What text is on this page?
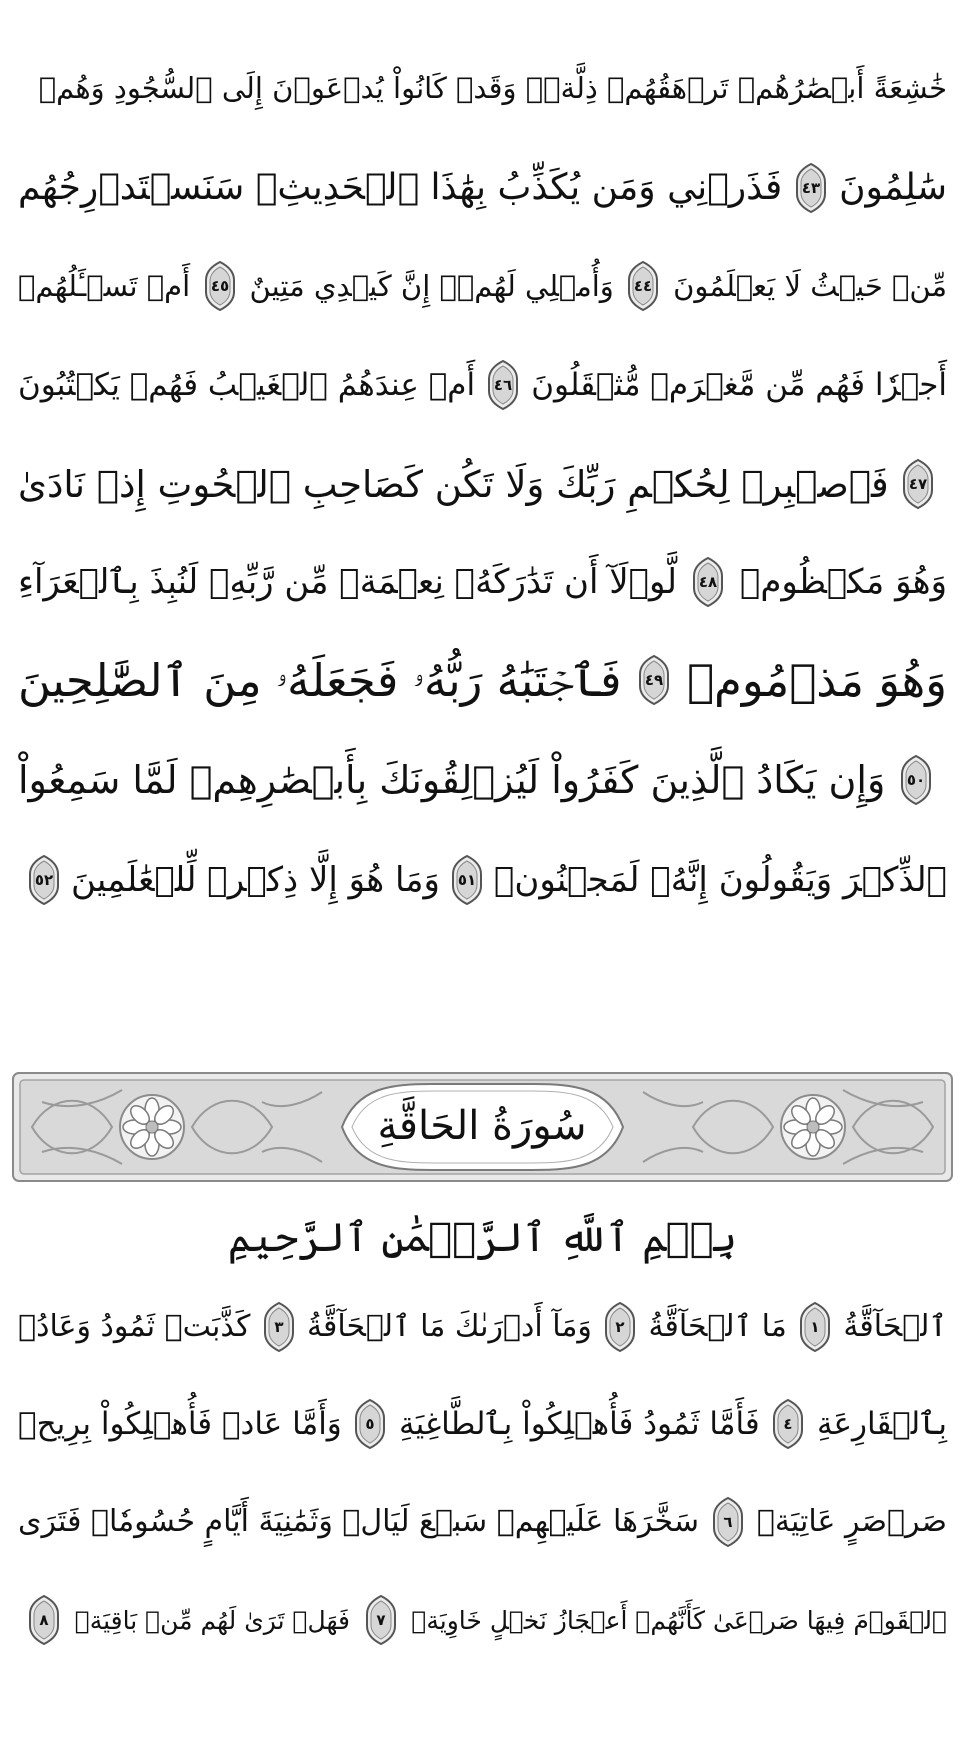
خَٰشِعَةً أَبۡصَٰرُهُمۡ تَرۡهَقُهُمۡ ذِلَّةٞۖ وَقَدۡ كَانُواْ يُدۡعَوۡنَ إِلَى ٱلسُّجُودِ وَهُمۡ
سَٰلِمُونَ
٤٣
فَذَرۡنِي وَمَن يُكَذِّبُ بِهَٰذَا ٱلۡحَدِيثِۖ سَنَسۡتَدۡرِجُهُم
مِّنۡ حَيۡثُ لَا يَعۡلَمُونَ
٤٤
وَأُمۡلِي لَهُمۡۚ إِنَّ كَيۡدِي مَتِينٌ
٤٥
أَمۡ تَسۡـَٔلُهُمۡ
أَجۡرٗا فَهُم مِّن مَّغۡرَمٖ مُّثۡقَلُونَ
٤٦
أَمۡ عِندَهُمُ ٱلۡغَيۡبُ فَهُمۡ يَكۡتُبُونَ
٤٧
فَٱصۡبِرۡ لِحُكۡمِ رَبِّكَ وَلَا تَكُن كَصَاحِبِ ٱلۡحُوتِ إِذۡ نَادَىٰ
وَهُوَ مَكۡظُومٞ
٤٨
لَّوۡلَآ أَن تَدَٰرَكَهُۥ نِعۡمَةٞ مِّن رَّبِّهِۦ لَنُبِذَ بِٱلۡعَرَآءِ
وَهُوَ مَذۡمُومٞ
٤٩
فَٱجۡتَبَٰهُ رَبُّهُۥ فَجَعَلَهُۥ مِنَ ٱلصَّٰلِحِينَ
٥٠
وَإِن يَكَادُ ٱلَّذِينَ كَفَرُواْ لَيُزۡلِقُونَكَ بِأَبۡصَٰرِهِمۡ لَمَّا سَمِعُواْ
ٱلذِّكۡرَ وَيَقُولُونَ إِنَّهُۥ لَمَجۡنُونٞ
٥١
وَمَا هُوَ إِلَّا ذِكۡرٞ لِّلۡعَٰلَمِينَ
٥٢
سُورَةُ الحَاقَّةِ
بِسۡمِ ٱللَّهِ ٱلرَّحۡمَٰنِ ٱلرَّحِيمِ
ٱلۡحَآقَّةُ
١
مَا ٱلۡحَآقَّةُ
٢
وَمَآ أَدۡرَىٰكَ مَا ٱلۡحَآقَّةُ
٣
كَذَّبَتۡ ثَمُودُ وَعَادُۢ
بِٱلۡقَارِعَةِ
٤
فَأَمَّا ثَمُودُ فَأُهۡلِكُواْ بِٱلطَّاغِيَةِ
٥
وَأَمَّا عَادٞ فَأُهۡلِكُواْ بِرِيحٖ
صَرۡصَرٍ عَاتِيَةٖ
٦
سَخَّرَهَا عَلَيۡهِمۡ سَبۡعَ لَيَالٖ وَثَمَٰنِيَةَ أَيَّامٍ حُسُومٗاۖ فَتَرَى
ٱلۡقَوۡمَ فِيهَا صَرۡعَىٰ كَأَنَّهُمۡ أَعۡجَازُ نَخۡلٍ خَاوِيَةٖ
٧
فَهَلۡ تَرَىٰ لَهُم مِّنۢ بَاقِيَةٖ
٨
